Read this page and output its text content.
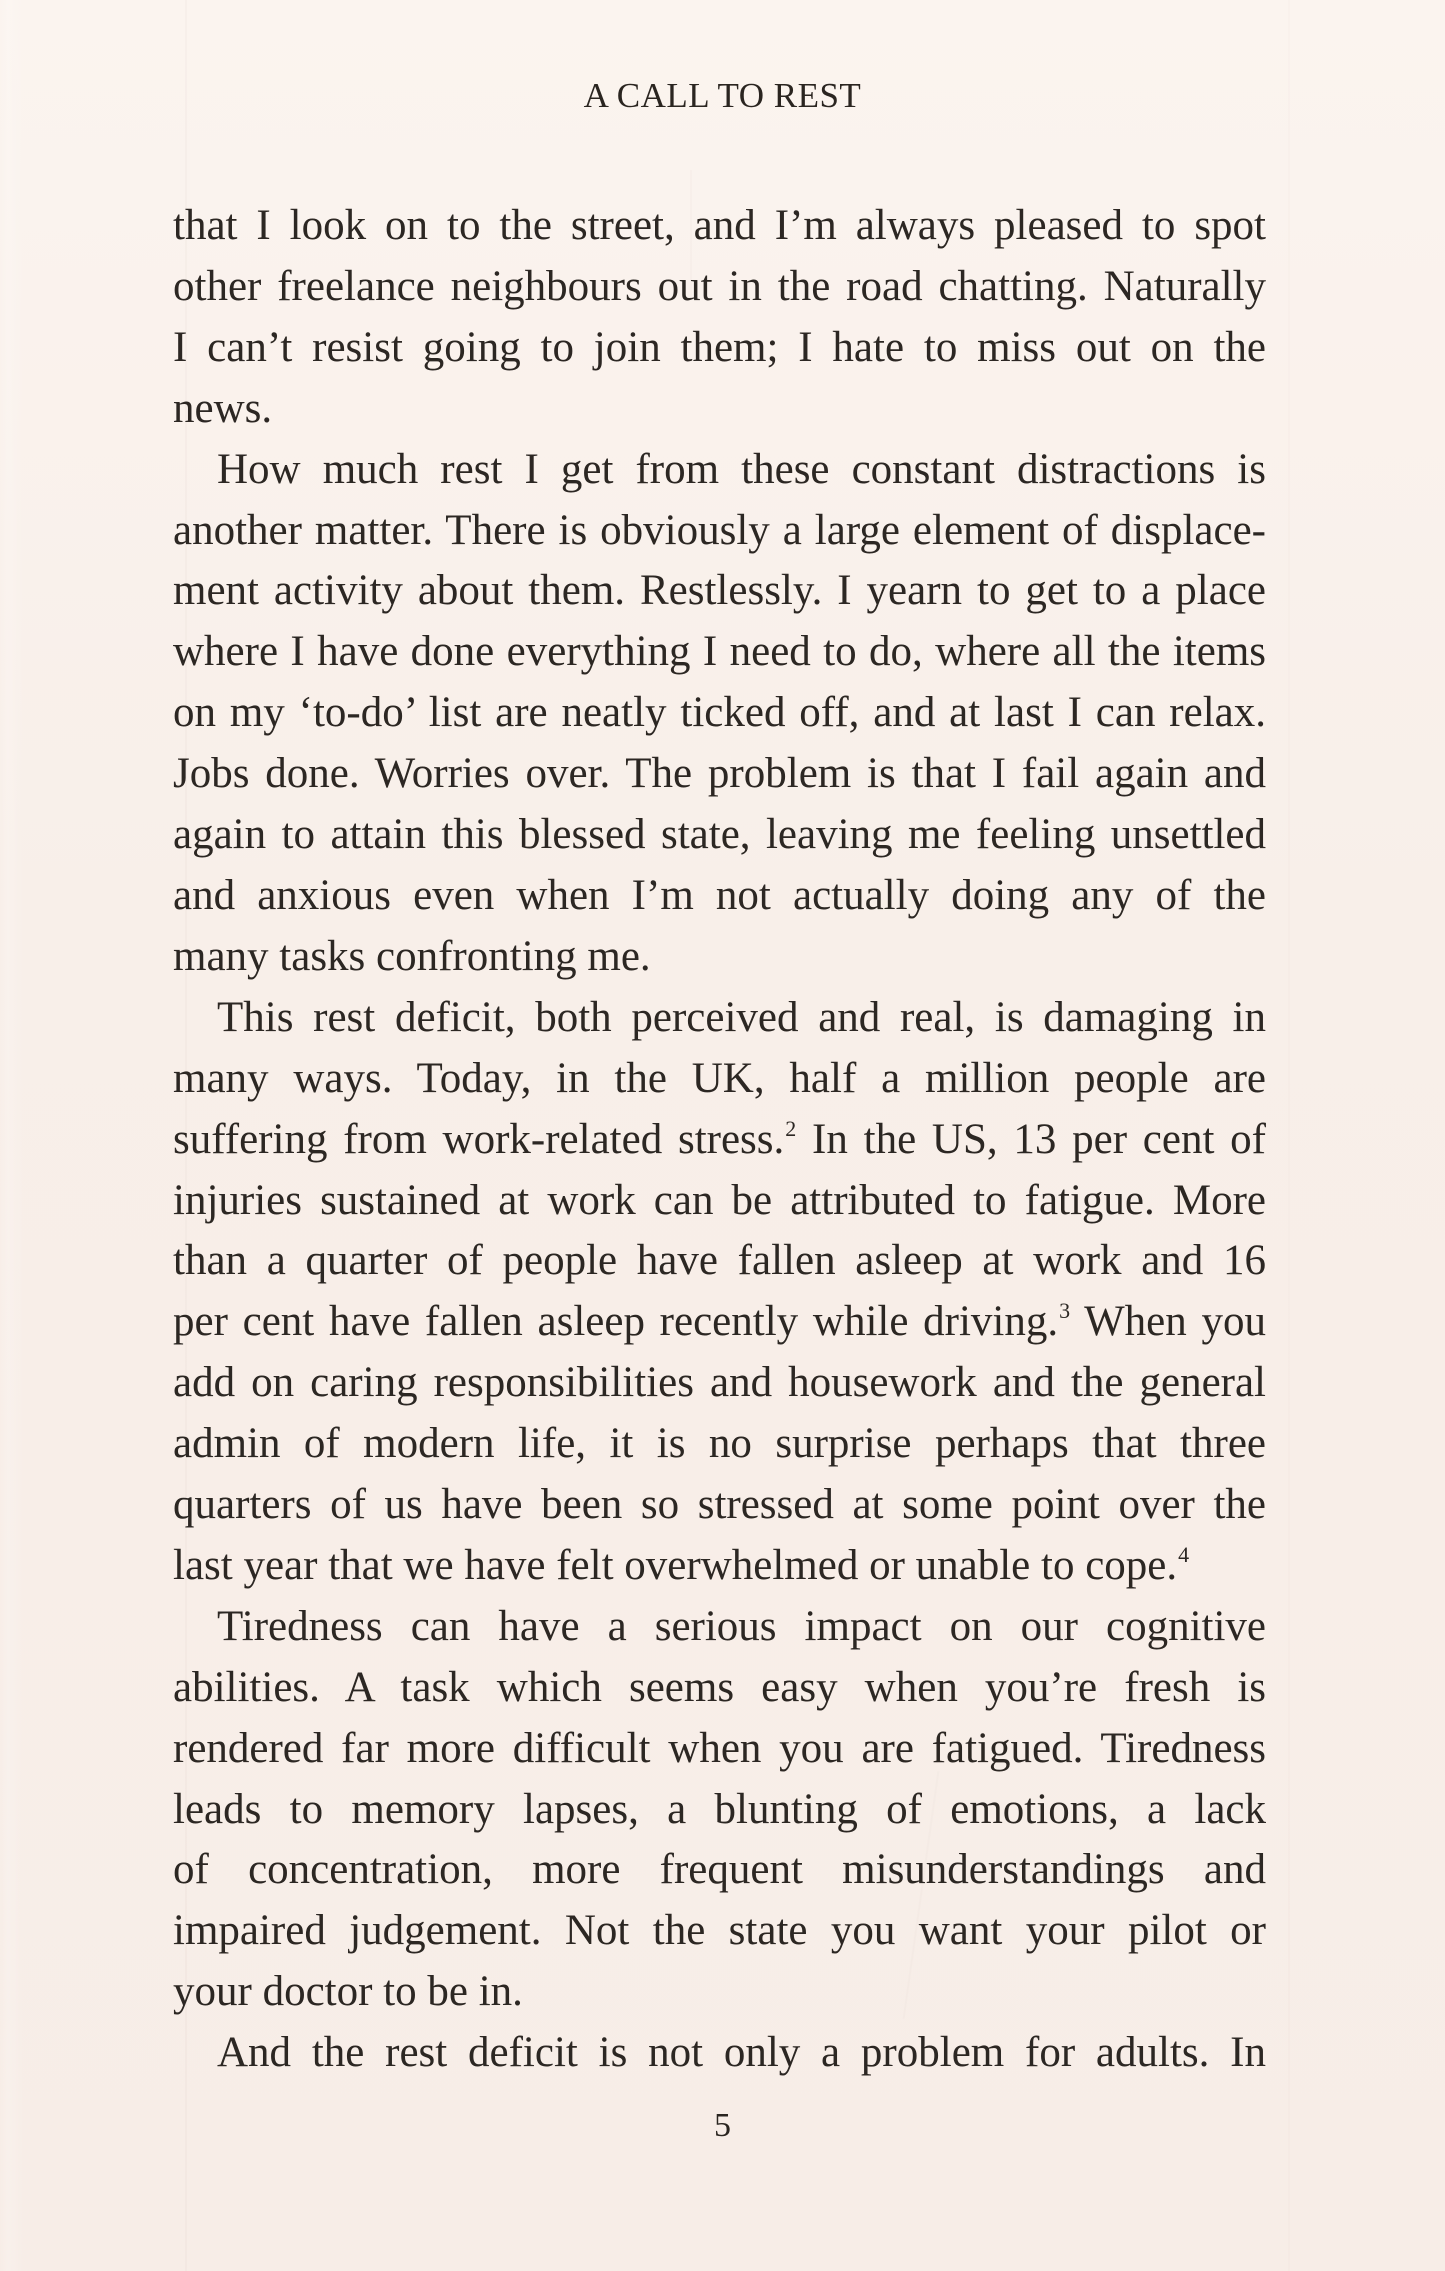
A CALL TO REST
that I look on to the street, and I’m always pleased to spot
other freelance neighbours out in the road chatting. Naturally
I can’t resist going to join them; I hate to miss out on the
news.
How much rest I get from these constant distractions is
another matter. There is obviously a large element of displace-
ment activity about them. Restlessly. I yearn to get to a place
where I have done everything I need to do, where all the items
on my ‘to-do’ list are neatly ticked off, and at last I can relax.
Jobs done. Worries over. The problem is that I fail again and
again to attain this blessed state, leaving me feeling unsettled
and anxious even when I’m not actually doing any of the
many tasks confronting me.
This rest deficit, both perceived and real, is damaging in
many ways. Today, in the UK, half a million people are
suffering from work-related stress.$^2$ In the US, 13 per cent of
injuries sustained at work can be attributed to fatigue. More
than a quarter of people have fallen asleep at work and 16
per cent have fallen asleep recently while driving.$^3$ When you
add on caring responsibilities and housework and the general
admin of modern life, it is no surprise perhaps that three
quarters of us have been so stressed at some point over the
last year that we have felt overwhelmed or unable to cope.$^4$
Tiredness can have a serious impact on our cognitive
abilities. A task which seems easy when you’re fresh is
rendered far more difficult when you are fatigued. Tiredness
leads to memory lapses, a blunting of emotions, a lack
of concentration, more frequent misunderstandings and
impaired judgement. Not the state you want your pilot or
your doctor to be in.
And the rest deficit is not only a problem for adults. In
5
